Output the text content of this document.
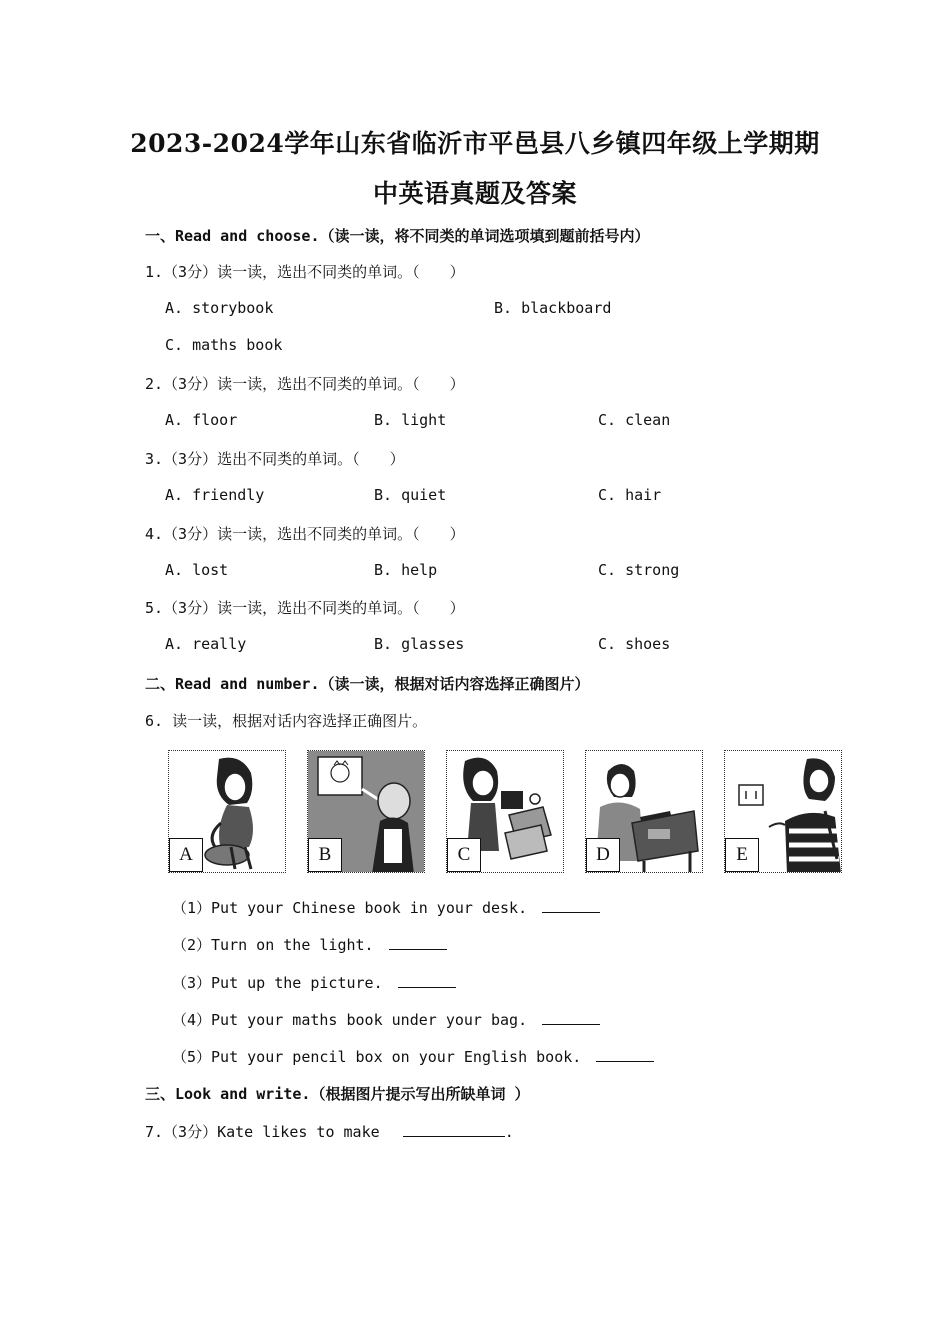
2023-2024学年山东省临沂市平邑县八乡镇四年级上学期期
中英语真题及答案
一、Read and choose.（读一读，将不同类的单词选项填到题前括号内）
1.（3分）读一读，选出不同类的单词。（　　）
A. storybook	B. blackboard
C. maths book
2.（3分）读一读，选出不同类的单词。（　　）
A. floor	B. light	C. clean
3.（3分）选出不同类的单词。（　　）
A. friendly	B. quiet	C. hair
4.（3分）读一读，选出不同类的单词。（　　）
A. lost	B. help	C. strong
5.（3分）读一读，选出不同类的单词。（　　）
A. really	B. glasses	C. shoes
二、Read and number.（读一读，根据对话内容选择正确图片）
6. 读一读，根据对话内容选择正确图片。
A	B	C	D	E
（1）Put your Chinese book in your desk.
（2）Turn on the light.
（3）Put up the picture.
（4）Put your maths book under your bag.
（5）Put your pencil box on your English book.
三、Look and write.（根据图片提示写出所缺单词 ）
7.（3分）Kate likes to make	.
